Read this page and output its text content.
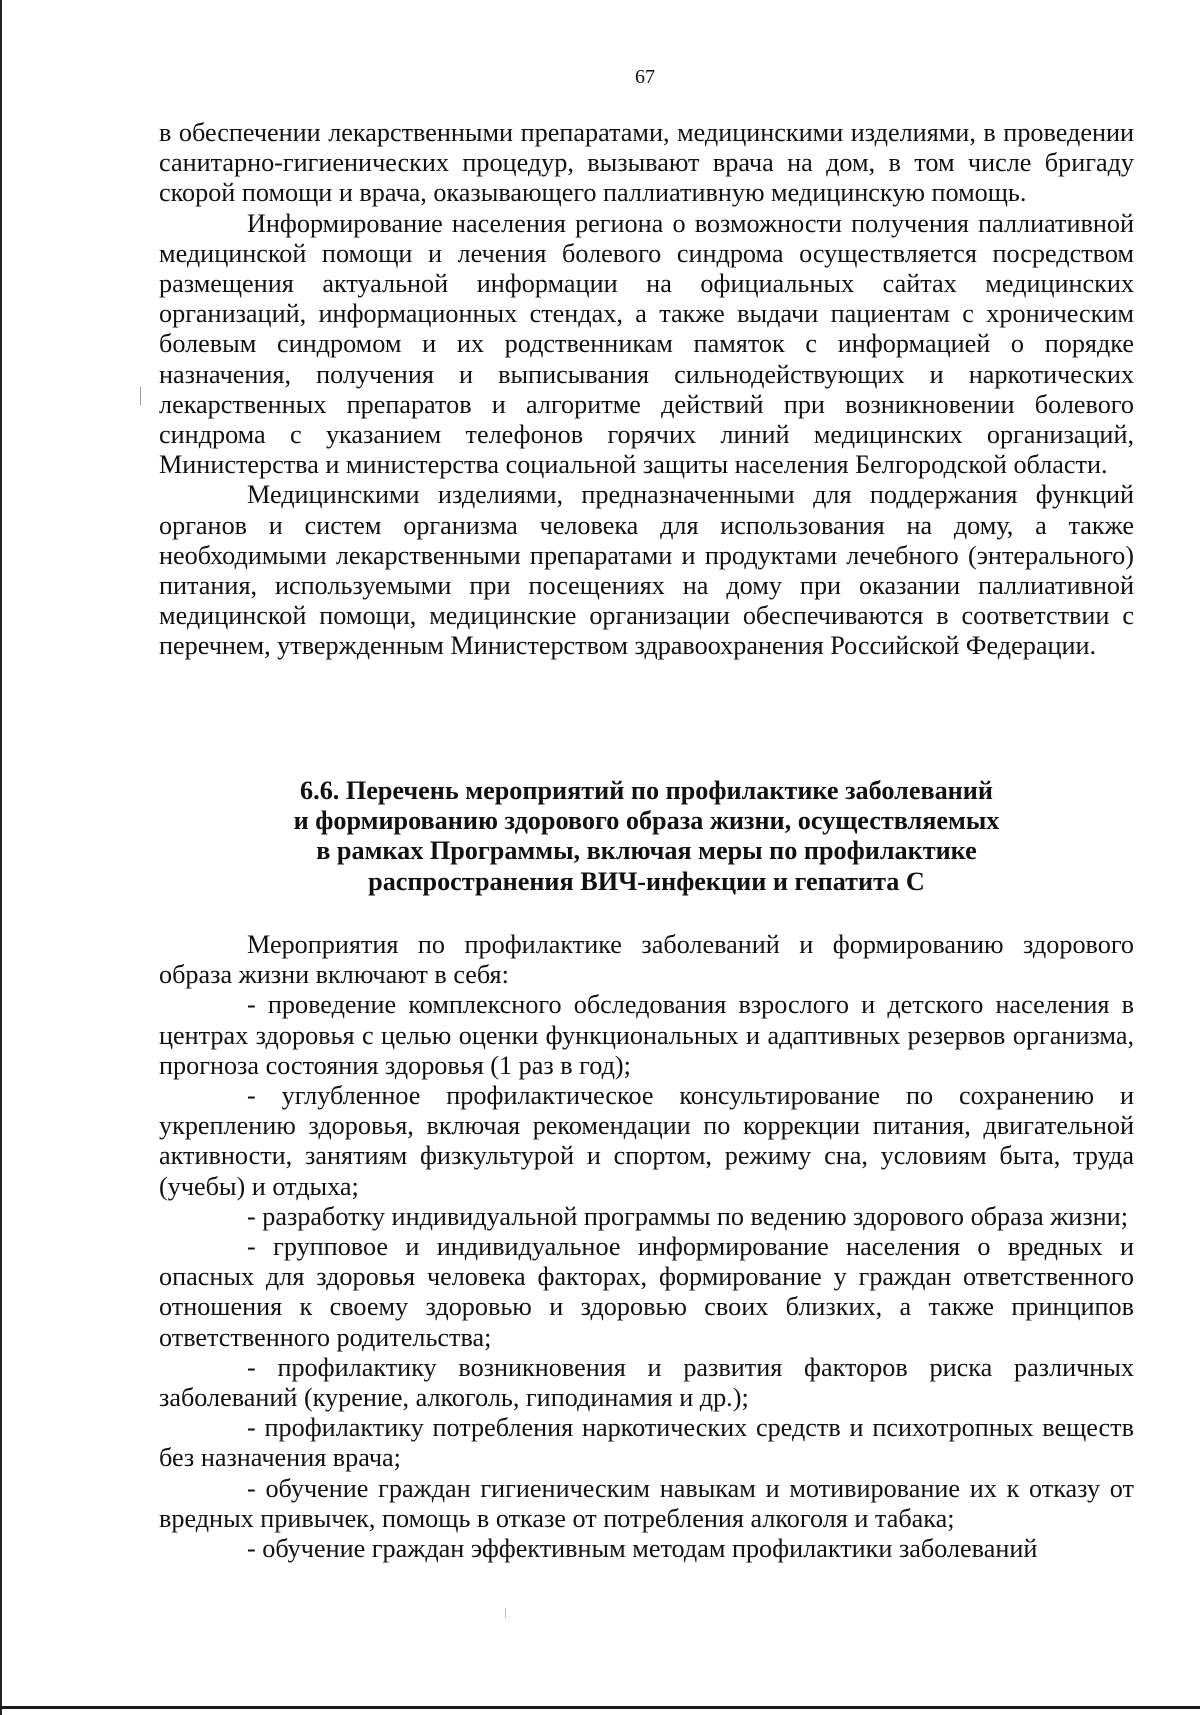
67

в обеспечении лекарственными препаратами, медицинскими изделиями, в проведении санитарно-гигиенических процедур, вызывают врача на дом, в том числе бригаду скорой помощи и врача, оказывающего паллиативную медицинскую помощь.

Информирование населения региона о возможности получения паллиативной медицинской помощи и лечения болевого синдрома осуществляется посредством размещения актуальной информации на официальных сайтах медицинских организаций, информационных стендах, а также выдачи пациентам с хроническим болевым синдромом и их родственникам памяток с информацией о порядке назначения, получения и выписывания сильнодействующих и наркотических лекарственных препаратов и алгоритме действий при возникновении болевого синдрома с указанием телефонов горячих линий медицинских организаций, Министерства и министерства социальной защиты населения Белгородской области.

Медицинскими изделиями, предназначенными для поддержания функций органов и систем организма человека для использования на дому, а также необходимыми лекарственными препаратами и продуктами лечебного (энтерального) питания, используемыми при посещениях на дому при оказании паллиативной медицинской помощи, медицинские организации обеспечиваются в соответствии с перечнем, утвержденным Министерством здравоохранения Российской Федерации.

6.6. Перечень мероприятий по профилактике заболеваний
и формированию здорового образа жизни, осуществляемых
в рамках Программы, включая меры по профилактике
распространения ВИЧ-инфекции и гепатита С

Мероприятия по профилактике заболеваний и формированию здорового образа жизни включают в себя:

- проведение комплексного обследования взрослого и детского населения в центрах здоровья с целью оценки функциональных и адаптивных резервов организма, прогноза состояния здоровья (1 раз в год);

- углубленное профилактическое консультирование по сохранению и укреплению здоровья, включая рекомендации по коррекции питания, двигательной активности, занятиям физкультурой и спортом, режиму сна, условиям быта, труда (учебы) и отдыха;

- разработку индивидуальной программы по ведению здорового образа жизни;

- групповое и индивидуальное информирование населения о вредных и опасных для здоровья человека факторах, формирование у граждан ответственного отношения к своему здоровью и здоровью своих близких, а также принципов ответственного родительства;

- профилактику возникновения и развития факторов риска различных заболеваний (курение, алкоголь, гиподинамия и др.);

- профилактику потребления наркотических средств и психотропных веществ без назначения врача;

- обучение граждан гигиеническим навыкам и мотивирование их к отказу от вредных привычек, помощь в отказе от потребления алкоголя и табака;

- обучение граждан эффективным методам профилактики заболеваний
